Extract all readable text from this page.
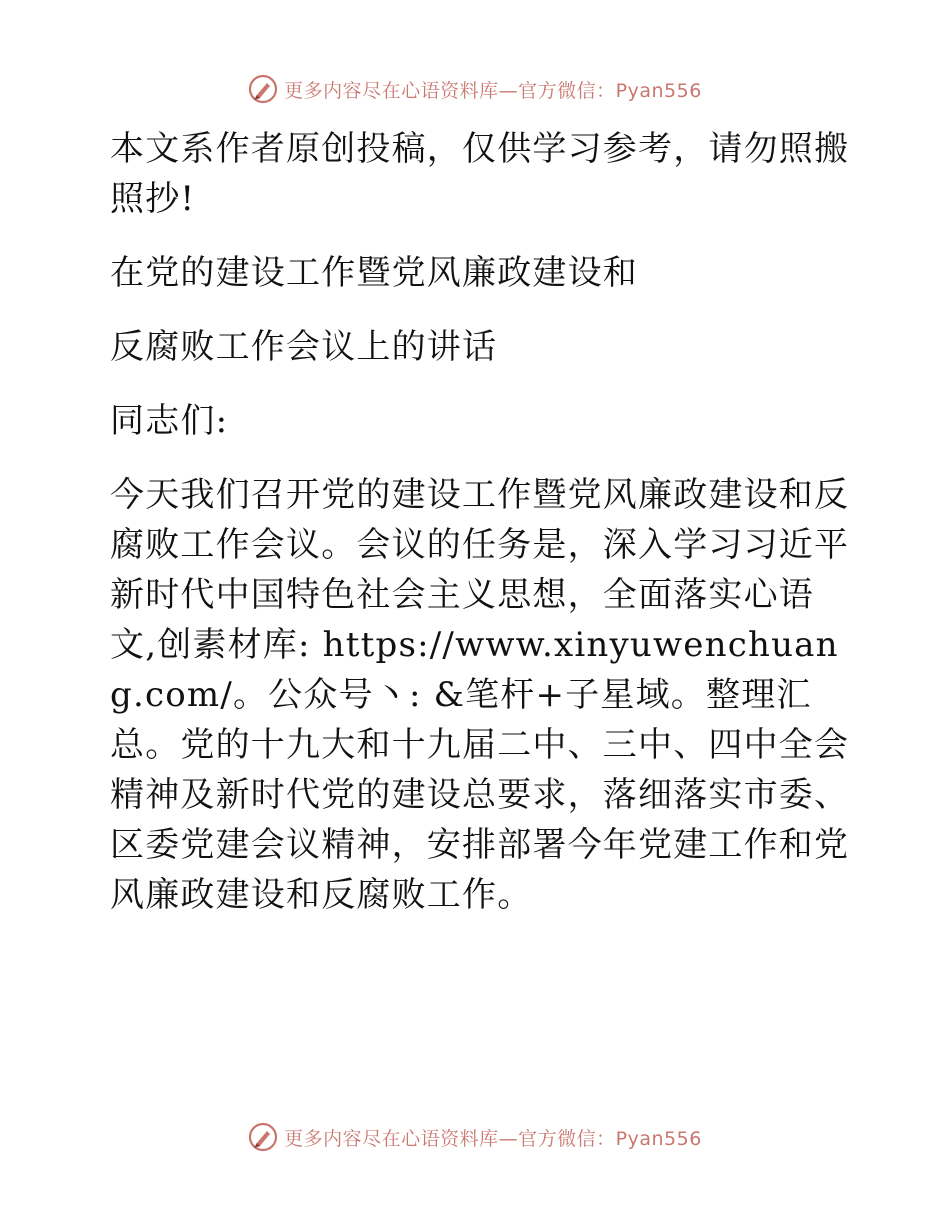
更多内容尽在心语资料库—官方微信：Pyan556

本文系作者原创投稿，仅供学习参考，请勿照搬照抄!

在党的建设工作暨党风廉政建设和

反腐败工作会议上的讲话

同志们:

今天我们召开党的建设工作暨党风廉政建设和反腐败工作会议。会议的任务是，深入学习习近平新时代中国特色社会主义思想，全面落实心语文,创素材库: https://www.xinyuwenchuang.com/。公众号丶: &笔杆+子星域。整理汇总。党的十九大和十九届二中、三中、四中全会精神及新时代党的建设总要求，落细落实市委、区委党建会议精神，安排部署今年党建工作和党风廉政建设和反腐败工作。

更多内容尽在心语资料库—官方微信：Pyan556
